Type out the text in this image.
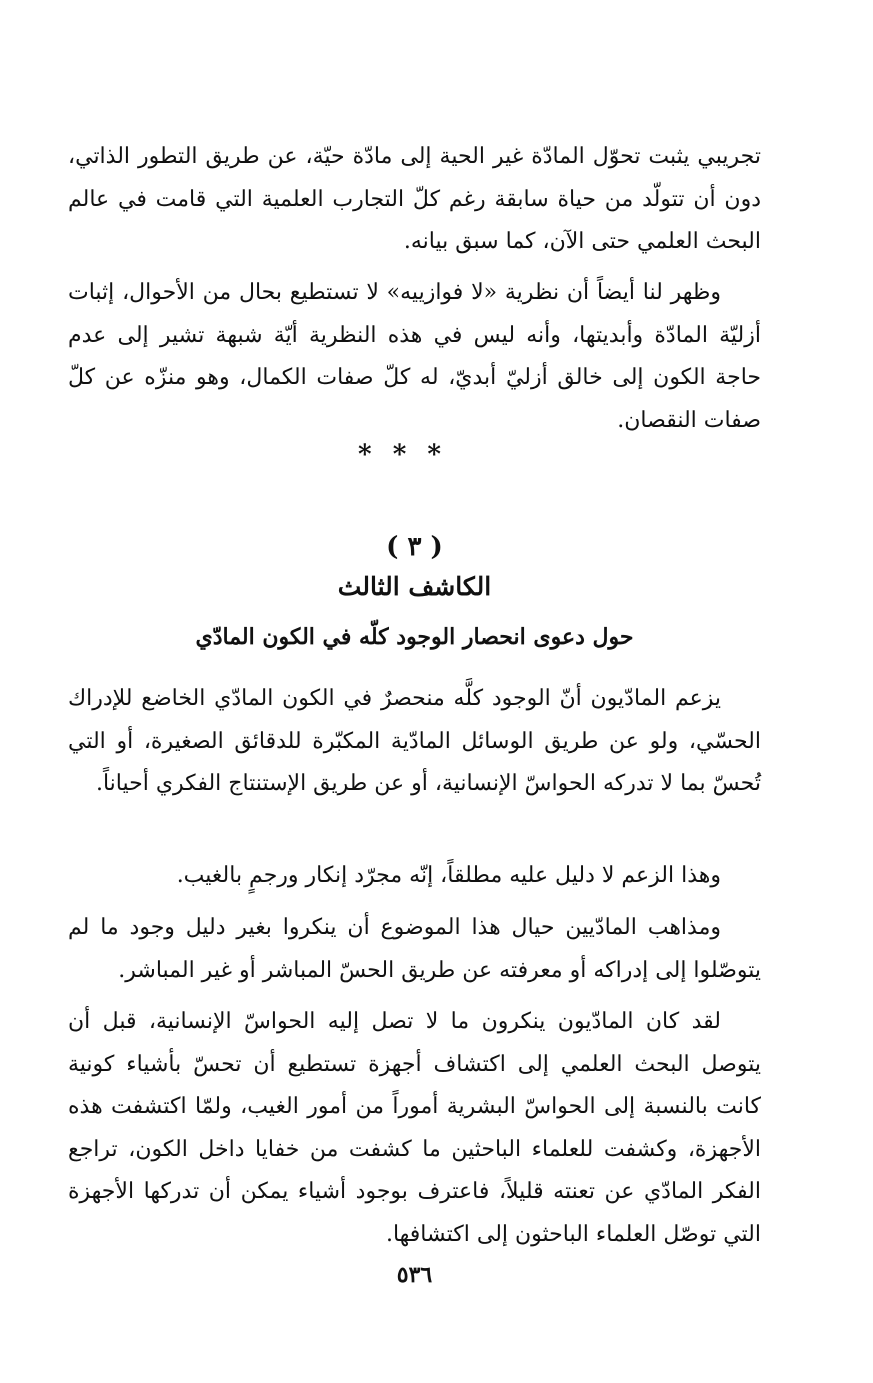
تجريبي يثبت تحوّل المادّة غير الحية إلى مادّة حيّة، عن طريق التطور الذاتي، دون أن تتولّد من حياة سابقة رغم كلّ التجارب العلمية التي قامت في عالم البحث العلمي حتى الآن، كما سبق بيانه.

وظهر لنا أيضاً أن نظرية «لا فوازييه» لا تستطيع بحال من الأحوال، إثبات أزليّة المادّة وأبديتها، وأنه ليس في هذه النظرية أيّة شبهة تشير إلى عدم حاجة الكون إلى خالق أزليّ أبديّ، له كلّ صفات الكمال، وهو منزّه عن كلّ صفات النقصان.

* * *

( ٣ )

الكاشف الثالث
حول دعوى انحصار الوجود كلّه في الكون المادّي

يزعم المادّيون أنّ الوجود كلَّه منحصرٌ في الكون المادّي الخاضع للإدراك الحسّي، ولو عن طريق الوسائل المادّية المكبّرة للدقائق الصغيرة، أو التي تُحسّ بما لا تدركه الحواسّ الإنسانية، أو عن طريق الإستنتاج الفكري أحياناً.

وهذا الزعم لا دليل عليه مطلقاً، إنّه مجرّد إنكار ورجمٍ بالغيب.

ومذاهب المادّيين حيال هذا الموضوع أن ينكروا بغير دليل وجود ما لم يتوصّلوا إلى إدراكه أو معرفته عن طريق الحسّ المباشر أو غير المباشر.

لقد كان المادّيون ينكرون ما لا تصل إليه الحواسّ الإنسانية، قبل أن يتوصل البحث العلمي إلى اكتشاف أجهزة تستطيع أن تحسّ بأشياء كونية كانت بالنسبة إلى الحواسّ البشرية أموراً من أمور الغيب، ولمّا اكتشفت هذه الأجهزة، وكشفت للعلماء الباحثين ما كشفت من خفايا داخل الكون، تراجع الفكر المادّي عن تعنته قليلاً، فاعترف بوجود أشياء يمكن أن تدركها الأجهزة التي توصّل العلماء الباحثون إلى اكتشافها.

٥٣٦
